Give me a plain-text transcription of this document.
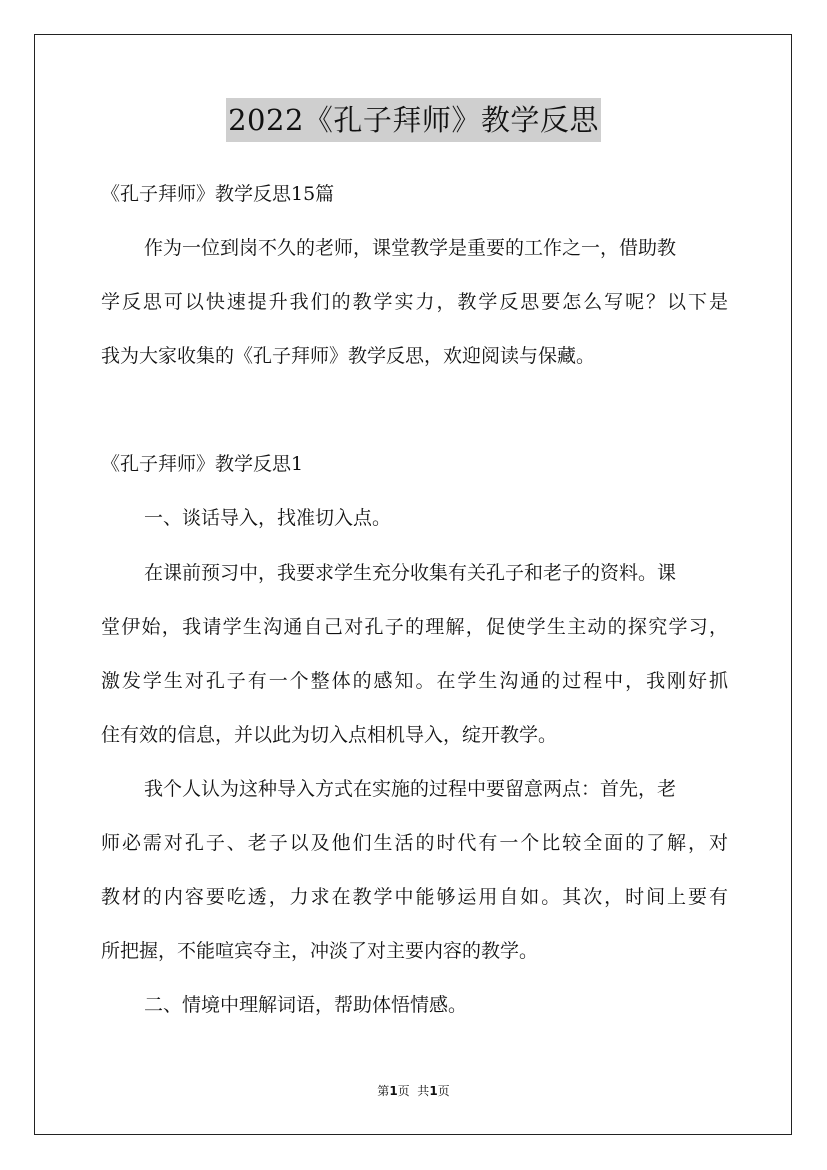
2022《孔子拜师》教学反思
《孔子拜师》教学反思15篇
作为一位到岗不久的老师，课堂教学是重要的工作之一，借助教
学反思可以快速提升我们的教学实力，教学反思要怎么写呢？以下是
我为大家收集的《孔子拜师》教学反思，欢迎阅读与保藏。
《孔子拜师》教学反思1
一、谈话导入，找准切入点。
在课前预习中，我要求学生充分收集有关孔子和老子的资料。课
堂伊始，我请学生沟通自己对孔子的理解，促使学生主动的探究学习，
激发学生对孔子有一个整体的感知。在学生沟通的过程中，我刚好抓
住有效的信息，并以此为切入点相机导入，绽开教学。
我个人认为这种导入方式在实施的过程中要留意两点：首先，老
师必需对孔子、老子以及他们生活的时代有一个比较全面的了解，对
教材的内容要吃透，力求在教学中能够运用自如。其次，时间上要有
所把握，不能喧宾夺主，冲淡了对主要内容的教学。
二、情境中理解词语，帮助体悟情感。
第1页  共1页
